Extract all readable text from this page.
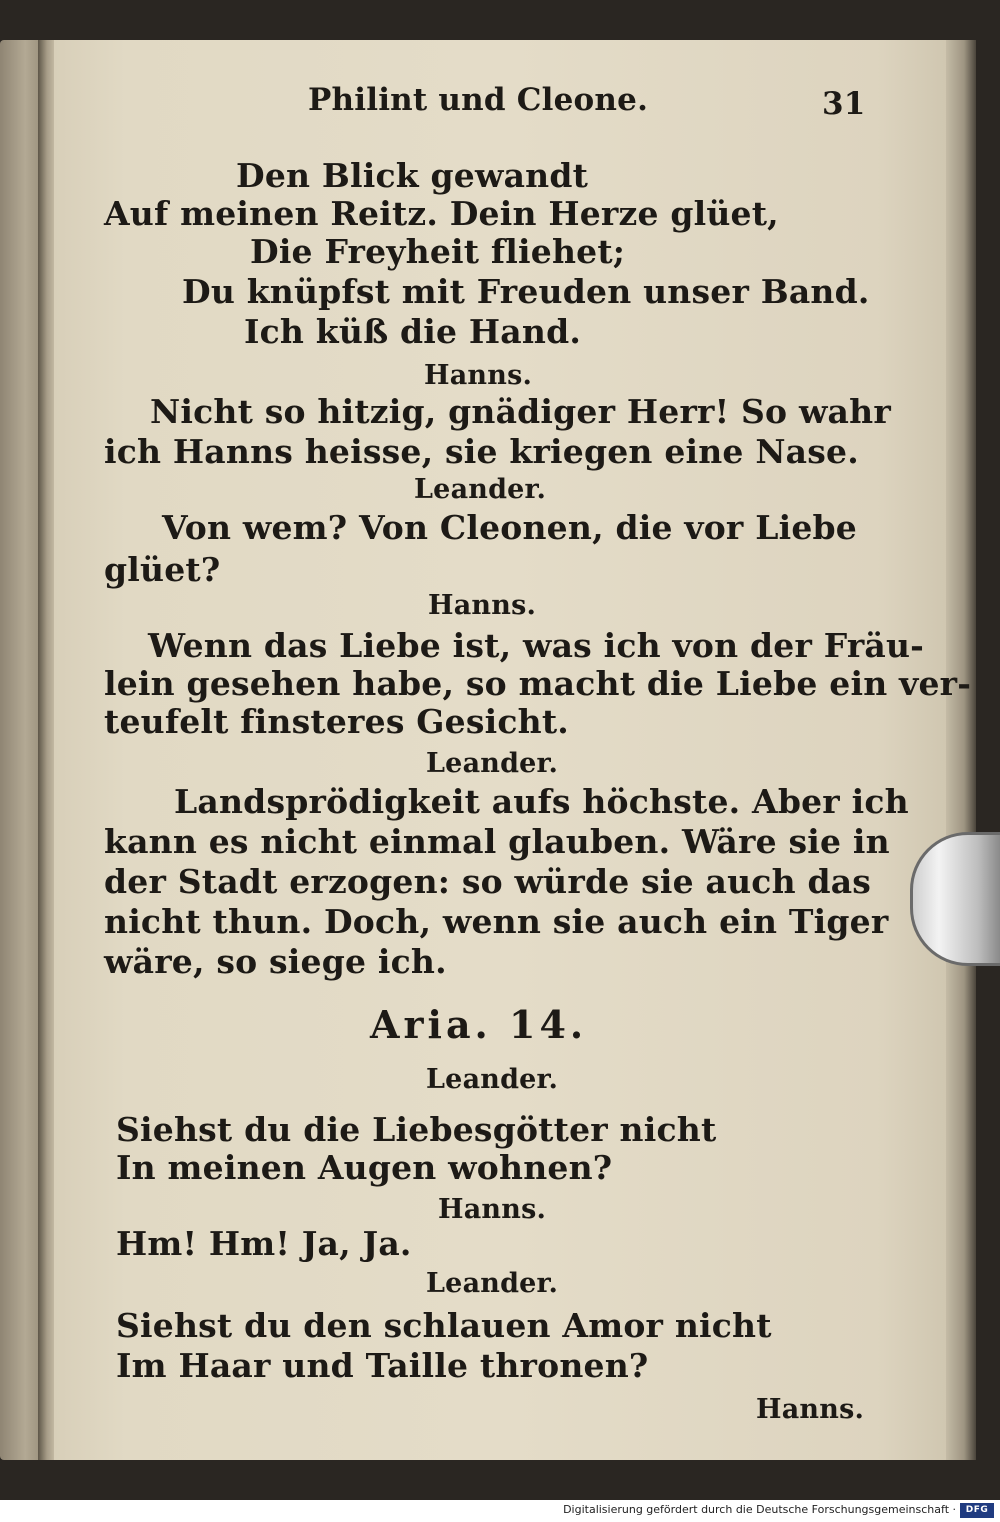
Philint und Cleone.	31
Den Blick gewandt
Auf meinen Reitz. Dein Herze glüet,
Die Freyheit fliehet;
Du knüpfst mit Freuden unser Band.
Ich küß die Hand.
Hanns.
Nicht so hitzig, gnädiger Herr! So wahr
ich Hanns heisse, sie kriegen eine Nase.
Leander.
Von wem? Von Cleonen, die vor Liebe
glüet?
Hanns.
Wenn das Liebe ist, was ich von der Fräu-
lein gesehen habe, so macht die Liebe ein ver-
teufelt finsteres Gesicht.
Leander.
Landsprödigkeit aufs höchste. Aber ich
kann es nicht einmal glauben. Wäre sie in
der Stadt erzogen: so würde sie auch das
nicht thun. Doch, wenn sie auch ein Tiger
wäre, so siege ich.
Aria. 14.
Leander.
Siehst du die Liebesgötter nicht
In meinen Augen wohnen?
Hanns.
Hm! Hm! Ja, Ja.
Leander.
Siehst du den schlauen Amor nicht
Im Haar und Taille thronen?
Hanns.
Digitalisierung gefördert durch die Deutsche Forschungsgemeinschaft ·	DFG
